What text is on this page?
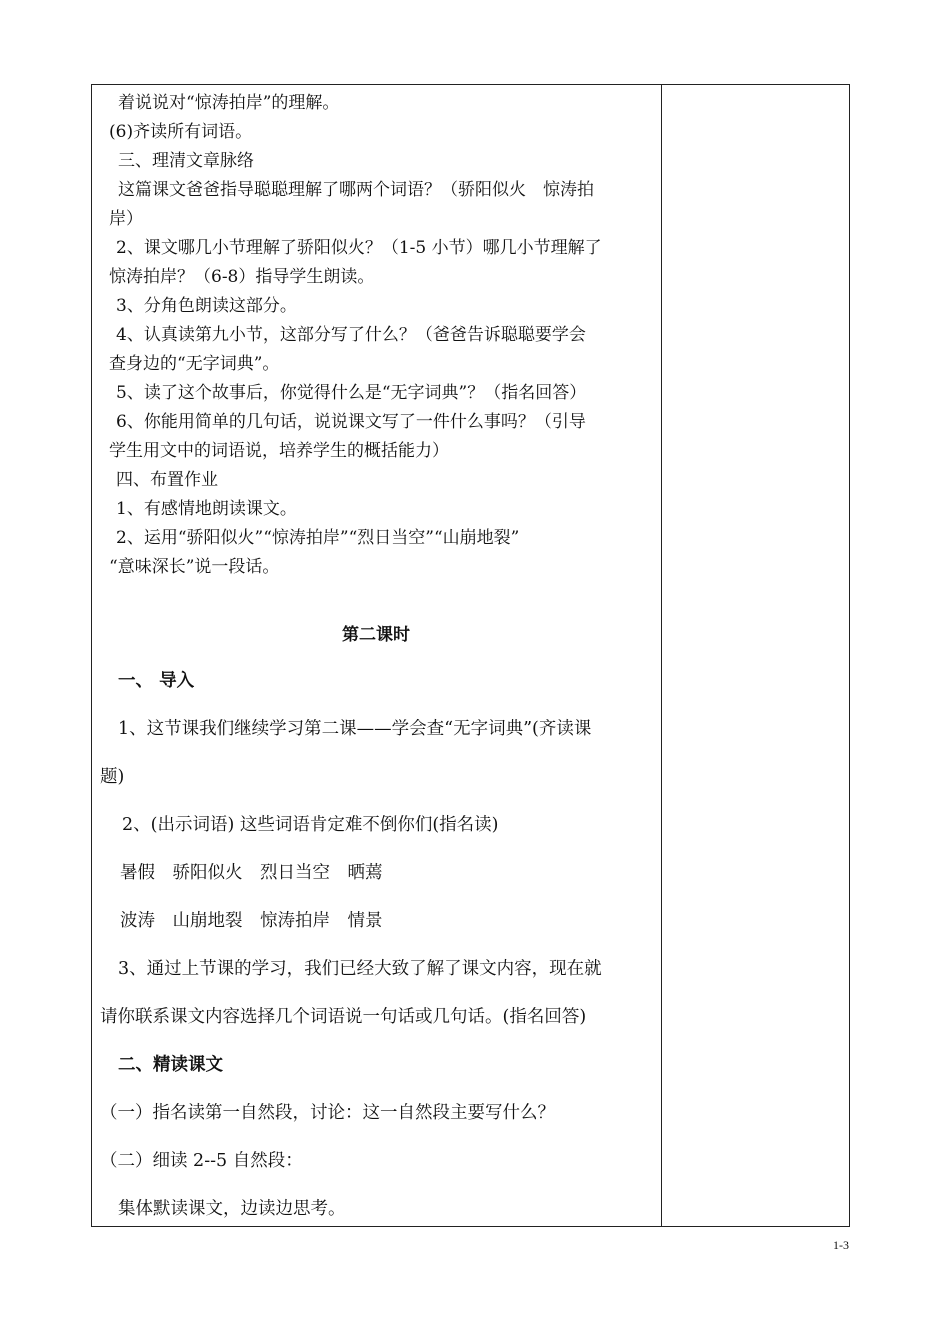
着说说对“惊涛拍岸”的理解。
(6)齐读所有词语。
三、理清文章脉络
这篇课文爸爸指导聪聪理解了哪两个词语？（骄阳似火　惊涛拍
岸）
2、课文哪几小节理解了骄阳似火？（1-5 小节）哪几小节理解了
惊涛拍岸？（6-8）指导学生朗读。
3、分角色朗读这部分。
4、认真读第九小节，这部分写了什么？（爸爸告诉聪聪要学会
查身边的“无字词典”。
5、读了这个故事后，你觉得什么是“无字词典”？（指名回答）
6、你能用简单的几句话，说说课文写了一件什么事吗？（引导
学生用文中的词语说，培养学生的概括能力）
四、布置作业
1、有感情地朗读课文。
2、运用“骄阳似火”“惊涛拍岸”“烈日当空”“山崩地裂”
“意味深长”说一段话。
第二课时
一、 导入
1、这节课我们继续学习第二课——学会查“无字词典”(齐读课
题)
2、(出示词语) 这些词语肯定难不倒你们(指名读)
暑假　骄阳似火　烈日当空　晒蔫
波涛　山崩地裂　惊涛拍岸　情景
3、通过上节课的学习，我们已经大致了解了课文内容，现在就
请你联系课文内容选择几个词语说一句话或几句话。(指名回答)
二、精读课文
（一）指名读第一自然段，讨论：这一自然段主要写什么？
（二）细读 2--5 自然段：
集体默读课文，边读边思考。
1-3
